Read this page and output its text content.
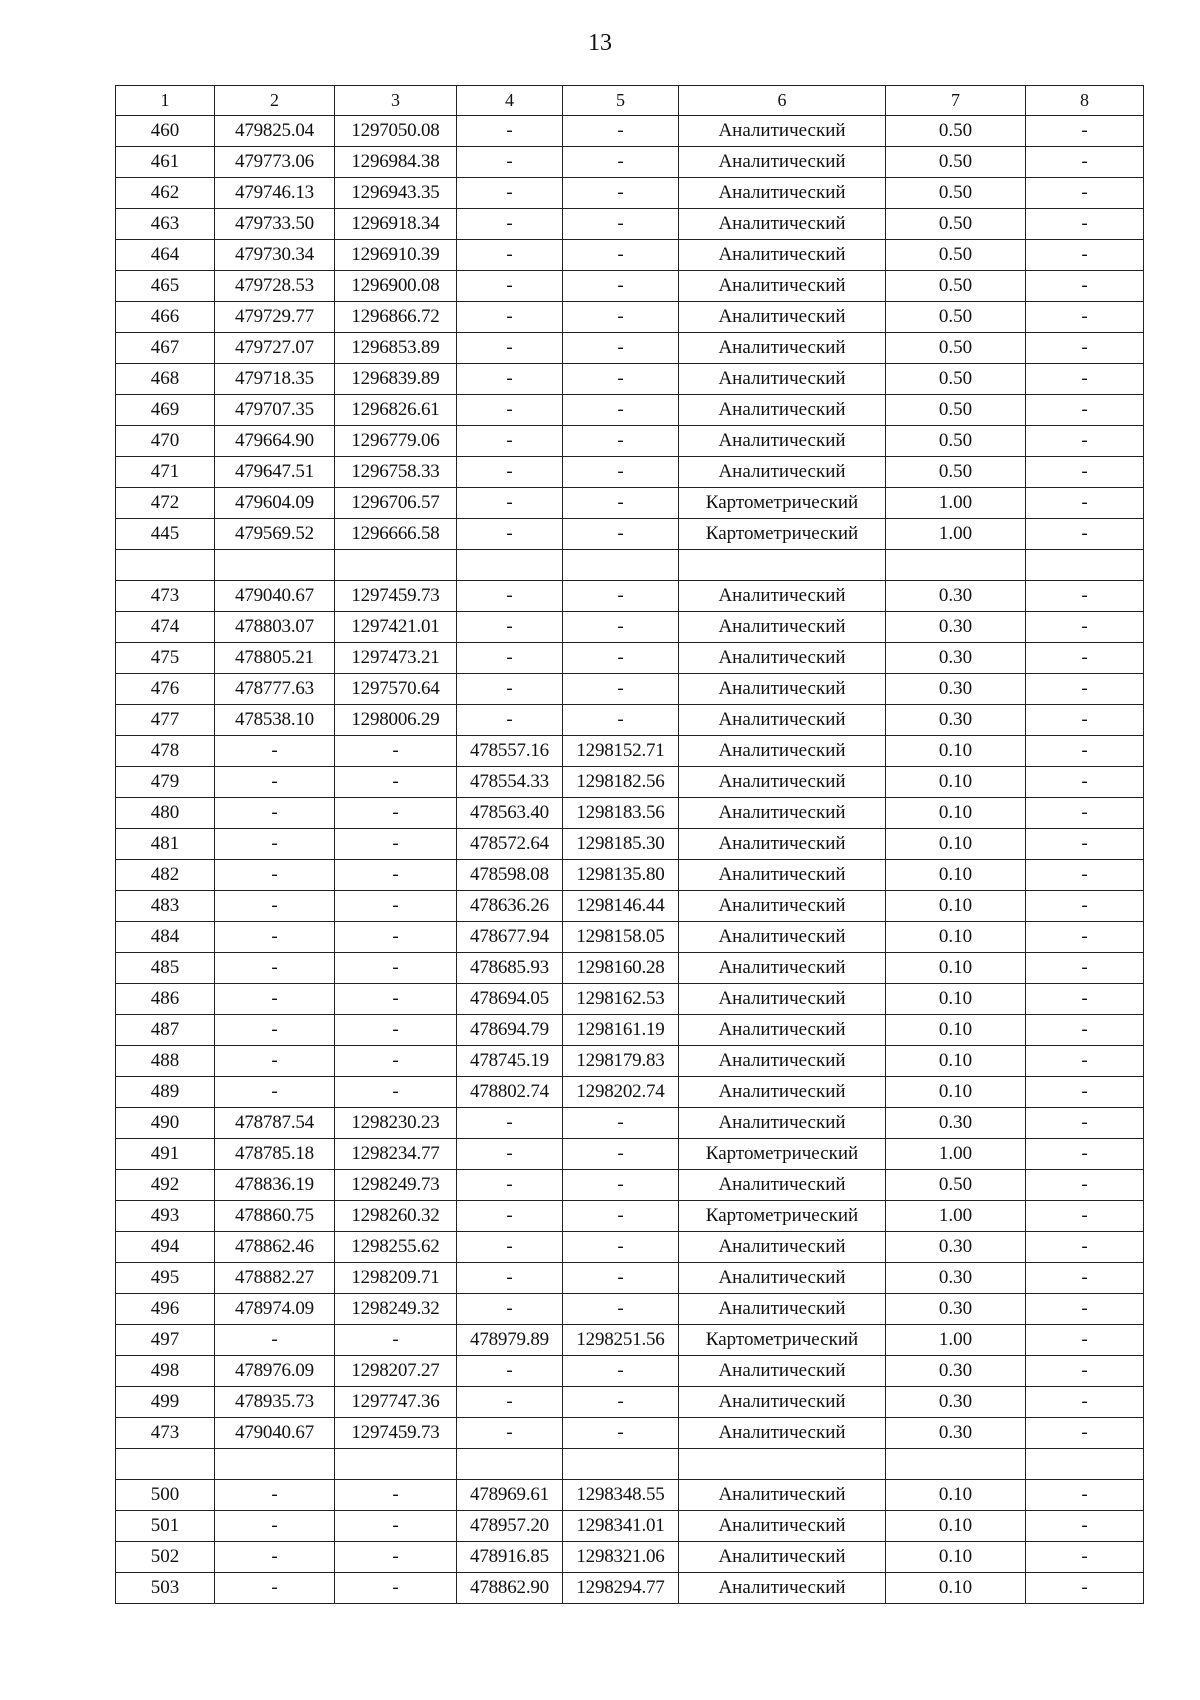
13
1	2	3	4	5	6	7	8
460	479825.04	1297050.08	-	-	Аналитический	0.50	-
461	479773.06	1296984.38	-	-	Аналитический	0.50	-
462	479746.13	1296943.35	-	-	Аналитический	0.50	-
463	479733.50	1296918.34	-	-	Аналитический	0.50	-
464	479730.34	1296910.39	-	-	Аналитический	0.50	-
465	479728.53	1296900.08	-	-	Аналитический	0.50	-
466	479729.77	1296866.72	-	-	Аналитический	0.50	-
467	479727.07	1296853.89	-	-	Аналитический	0.50	-
468	479718.35	1296839.89	-	-	Аналитический	0.50	-
469	479707.35	1296826.61	-	-	Аналитический	0.50	-
470	479664.90	1296779.06	-	-	Аналитический	0.50	-
471	479647.51	1296758.33	-	-	Аналитический	0.50	-
472	479604.09	1296706.57	-	-	Картометрический	1.00	-
445	479569.52	1296666.58	-	-	Картометрический	1.00	-

473	479040.67	1297459.73	-	-	Аналитический	0.30	-
474	478803.07	1297421.01	-	-	Аналитический	0.30	-
475	478805.21	1297473.21	-	-	Аналитический	0.30	-
476	478777.63	1297570.64	-	-	Аналитический	0.30	-
477	478538.10	1298006.29	-	-	Аналитический	0.30	-
478	-	-	478557.16	1298152.71	Аналитический	0.10	-
479	-	-	478554.33	1298182.56	Аналитический	0.10	-
480	-	-	478563.40	1298183.56	Аналитический	0.10	-
481	-	-	478572.64	1298185.30	Аналитический	0.10	-
482	-	-	478598.08	1298135.80	Аналитический	0.10	-
483	-	-	478636.26	1298146.44	Аналитический	0.10	-
484	-	-	478677.94	1298158.05	Аналитический	0.10	-
485	-	-	478685.93	1298160.28	Аналитический	0.10	-
486	-	-	478694.05	1298162.53	Аналитический	0.10	-
487	-	-	478694.79	1298161.19	Аналитический	0.10	-
488	-	-	478745.19	1298179.83	Аналитический	0.10	-
489	-	-	478802.74	1298202.74	Аналитический	0.10	-
490	478787.54	1298230.23	-	-	Аналитический	0.30	-
491	478785.18	1298234.77	-	-	Картометрический	1.00	-
492	478836.19	1298249.73	-	-	Аналитический	0.50	-
493	478860.75	1298260.32	-	-	Картометрический	1.00	-
494	478862.46	1298255.62	-	-	Аналитический	0.30	-
495	478882.27	1298209.71	-	-	Аналитический	0.30	-
496	478974.09	1298249.32	-	-	Аналитический	0.30	-
497	-	-	478979.89	1298251.56	Картометрический	1.00	-
498	478976.09	1298207.27	-	-	Аналитический	0.30	-
499	478935.73	1297747.36	-	-	Аналитический	0.30	-
473	479040.67	1297459.73	-	-	Аналитический	0.30	-

500	-	-	478969.61	1298348.55	Аналитический	0.10	-
501	-	-	478957.20	1298341.01	Аналитический	0.10	-
502	-	-	478916.85	1298321.06	Аналитический	0.10	-
503	-	-	478862.90	1298294.77	Аналитический	0.10	-
